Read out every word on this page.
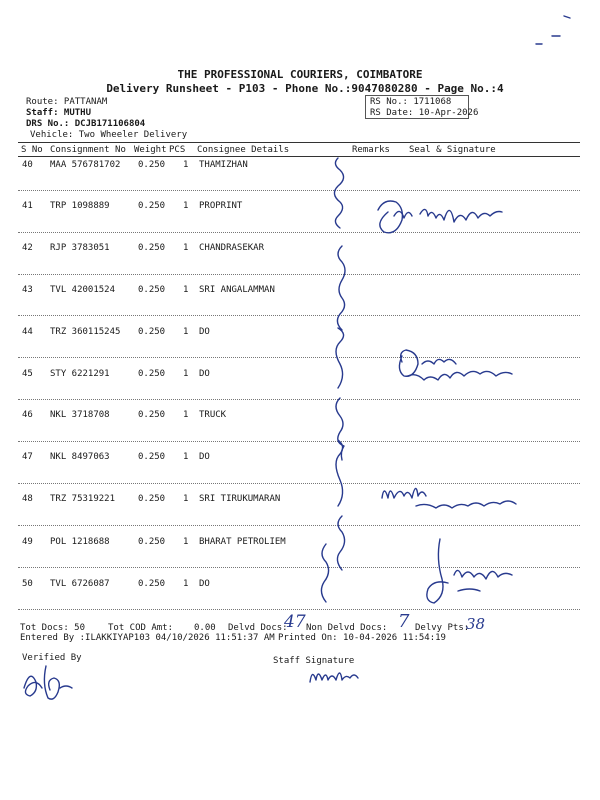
THE PROFESSIONAL COURIERS, COIMBATORE
Delivery Runsheet - P103 - Phone No.:9047080280 - Page No.:4
Route: PATTANAM
Staff: MUTHU
DRS No.: DCJB171106804
Vehicle: Two Wheeler Delivery
RS No.: 1711068
RS Date: 10-Apr-2026
S No Consignment No Weight PCS Consignee Details	Remarks Seal & Signature
40 MAA 576781702 0.250 1 THAMIZHAN
41 TRP 1098889	0.250 1 PROPRINT
42 RJP 3783051	0.250 1 CHANDRASEKAR
43 TVL 42001524	0.250 1 SRI ANGALAMMAN
44 TRZ 360115245 0.250 1 DO
45 STY 6221291	0.250 1 DO
46 NKL 3718708	0.250 1 TRUCK
47 NKL 8497063	0.250 1 DO
48 TRZ 75319221	0.250 1 SRI TIRUKUMARAN
49 POL 1218688	0.250 1 BHARAT PETROLIEM
50 TVL 6726087	0.250 1 DO
Tot Docs: 50	Tot COD Amt: 0.00 Delvd Docs:
47 Non Delvd Docs: 7 Delvy Pts:
38
Entered By :ILAKKIYAP103 04/10/2026 11:51:37 AM Printed On: 10-04-2026 11:54:19
Verified By	Staff Signature
